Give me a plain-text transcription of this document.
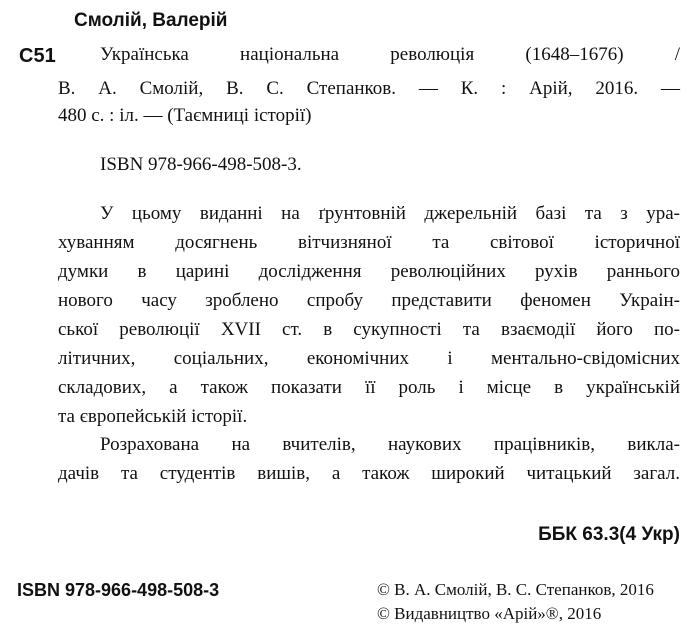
Смолій, Валерій
С51 Українська національна революція (1648–1676) /
В. А. Смолій, В. С. Степанков. — К. : Арій, 2016. —
480 с. : іл. — (Таємниці історії)
ISBN 978-966-498-508-3.
У цьому виданні на ґрунтовній джерельній базі та з ура-
хуванням досягнень вітчизняної та світової історичної
думки в царині дослідження революційних рухів раннього
нового часу зроблено спробу представити феномен Украін-
ської революції XVII ст. в сукупності та взаємодії його по-
літичних, соціальних, економічних і ментально-свідомісних
складових, а також показати її роль і місце в українській
та європейській історії.
Розрахована на вчителів, наукових працівників, викла-
дачів та студентів вишів, а також широкий читацький загал.
ББК 63.3(4 Укр)
ISBN 978-966-498-508-3	© В. А. Смолій, В. С. Степанков, 2016
© Видавництво «Арій»®, 2016
